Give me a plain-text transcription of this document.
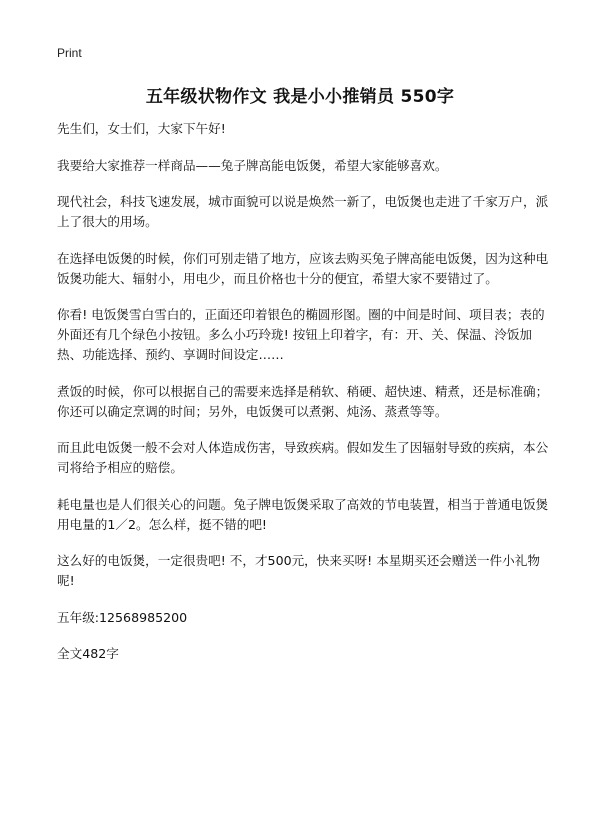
Print
五年级状物作文 我是小小推销员 550字

先生们，女士们，大家下午好!

我要给大家推荐一样商品——兔子牌高能电饭煲，希望大家能够喜欢。

现代社会，科技飞速发展，城市面貌可以说是焕然一新了，电饭煲也走进了千家万户，派上了很大的用场。

在选择电饭煲的时候，你们可别走错了地方，应该去购买兔子牌高能电饭煲，因为这种电饭煲功能大、辐射小，用电少，而且价格也十分的便宜，希望大家不要错过了。

你看! 电饭煲雪白雪白的，正面还印着银色的椭圆形图。圈的中间是时间、项目表；表的外面还有几个绿色小按钮。多么小巧玲珑! 按钮上印着字，有：开、关、保温、泠饭加热、功能选择、预约、享调时间设定……

煮饭的时候，你可以根据自己的需要来选择是稍软、稍硬、超快速、精煮，还是标准确；你还可以确定烹调的时间；另外，电饭煲可以煮粥、炖汤、蒸煮等等。

而且此电饭煲一般不会对人体造成伤害，导致疾病。假如发生了因辐射导致的疾病，本公司将给予相应的赔偿。

耗电量也是人们很关心的问题。兔子牌电饭煲采取了高效的节电装置，相当于普通电饭煲用电量的1／2。怎么样，挺不错的吧!

这么好的电饭煲，一定很贵吧! 不，才500元，快来买呀! 本星期买还会赠送一件小礼物呢!

五年级:12568985200

全文482字
